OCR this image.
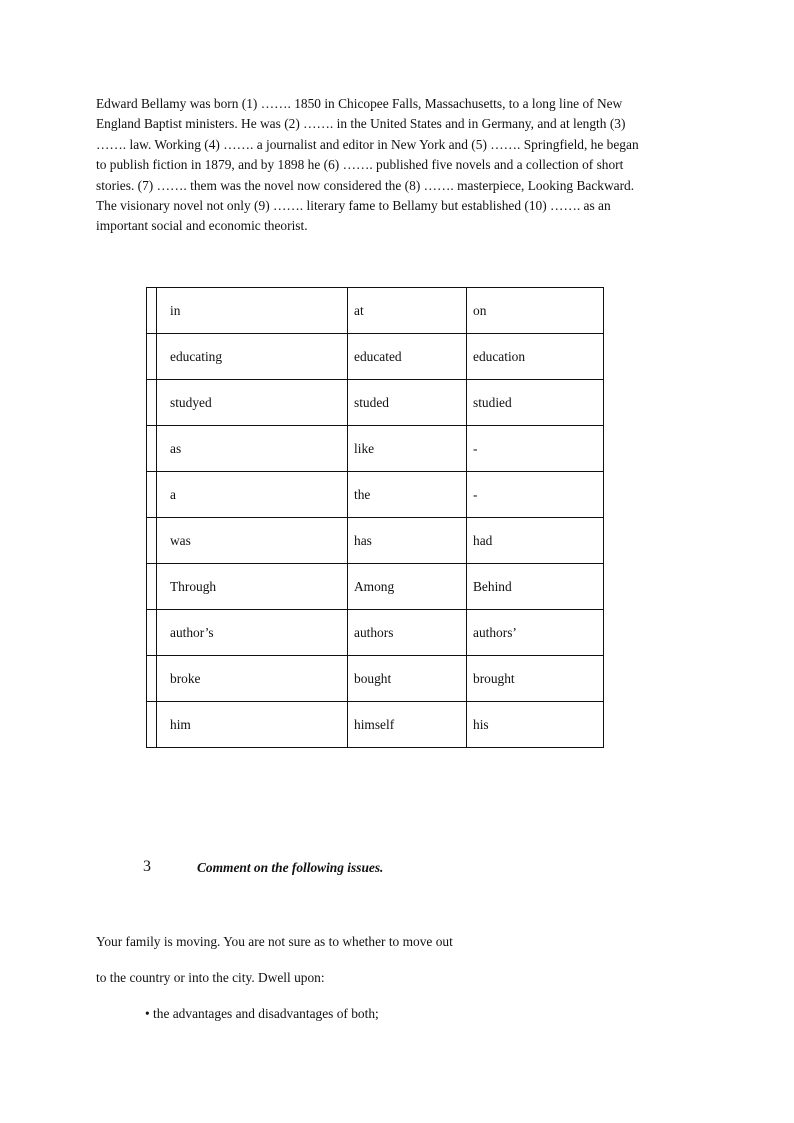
Edward Bellamy was born (1) ……. 1850 in Chicopee Falls, Massachusetts, to a long line of New
England Baptist ministers. He was (2) ……. in the United States and in Germany, and at length (3)
……. law. Working (4) ……. a journalist and editor in New York and (5) ……. Springfield, he began
to publish fiction in 1879, and by 1898 he (6) ……. published five novels and a collection of short
stories. (7) ……. them was the novel now considered the (8) ……. masterpiece, Looking Backward.
The visionary novel not only (9) ……. literary fame to Bellamy but established (10) ……. as an
important social and economic theorist.
	in	at	on
	educating	educated	education
	studyed	studed	studied
	as	like	-
	a	the	-
	was	has	had
	Through	Among	Behind
	author’s	authors	authors’
	broke	bought	brought
	him	himself	his
3	Comment on the following issues.
Your family is moving. You are not sure as to whether to move out
to the country or into the city. Dwell upon:
• the advantages and disadvantages of both;
